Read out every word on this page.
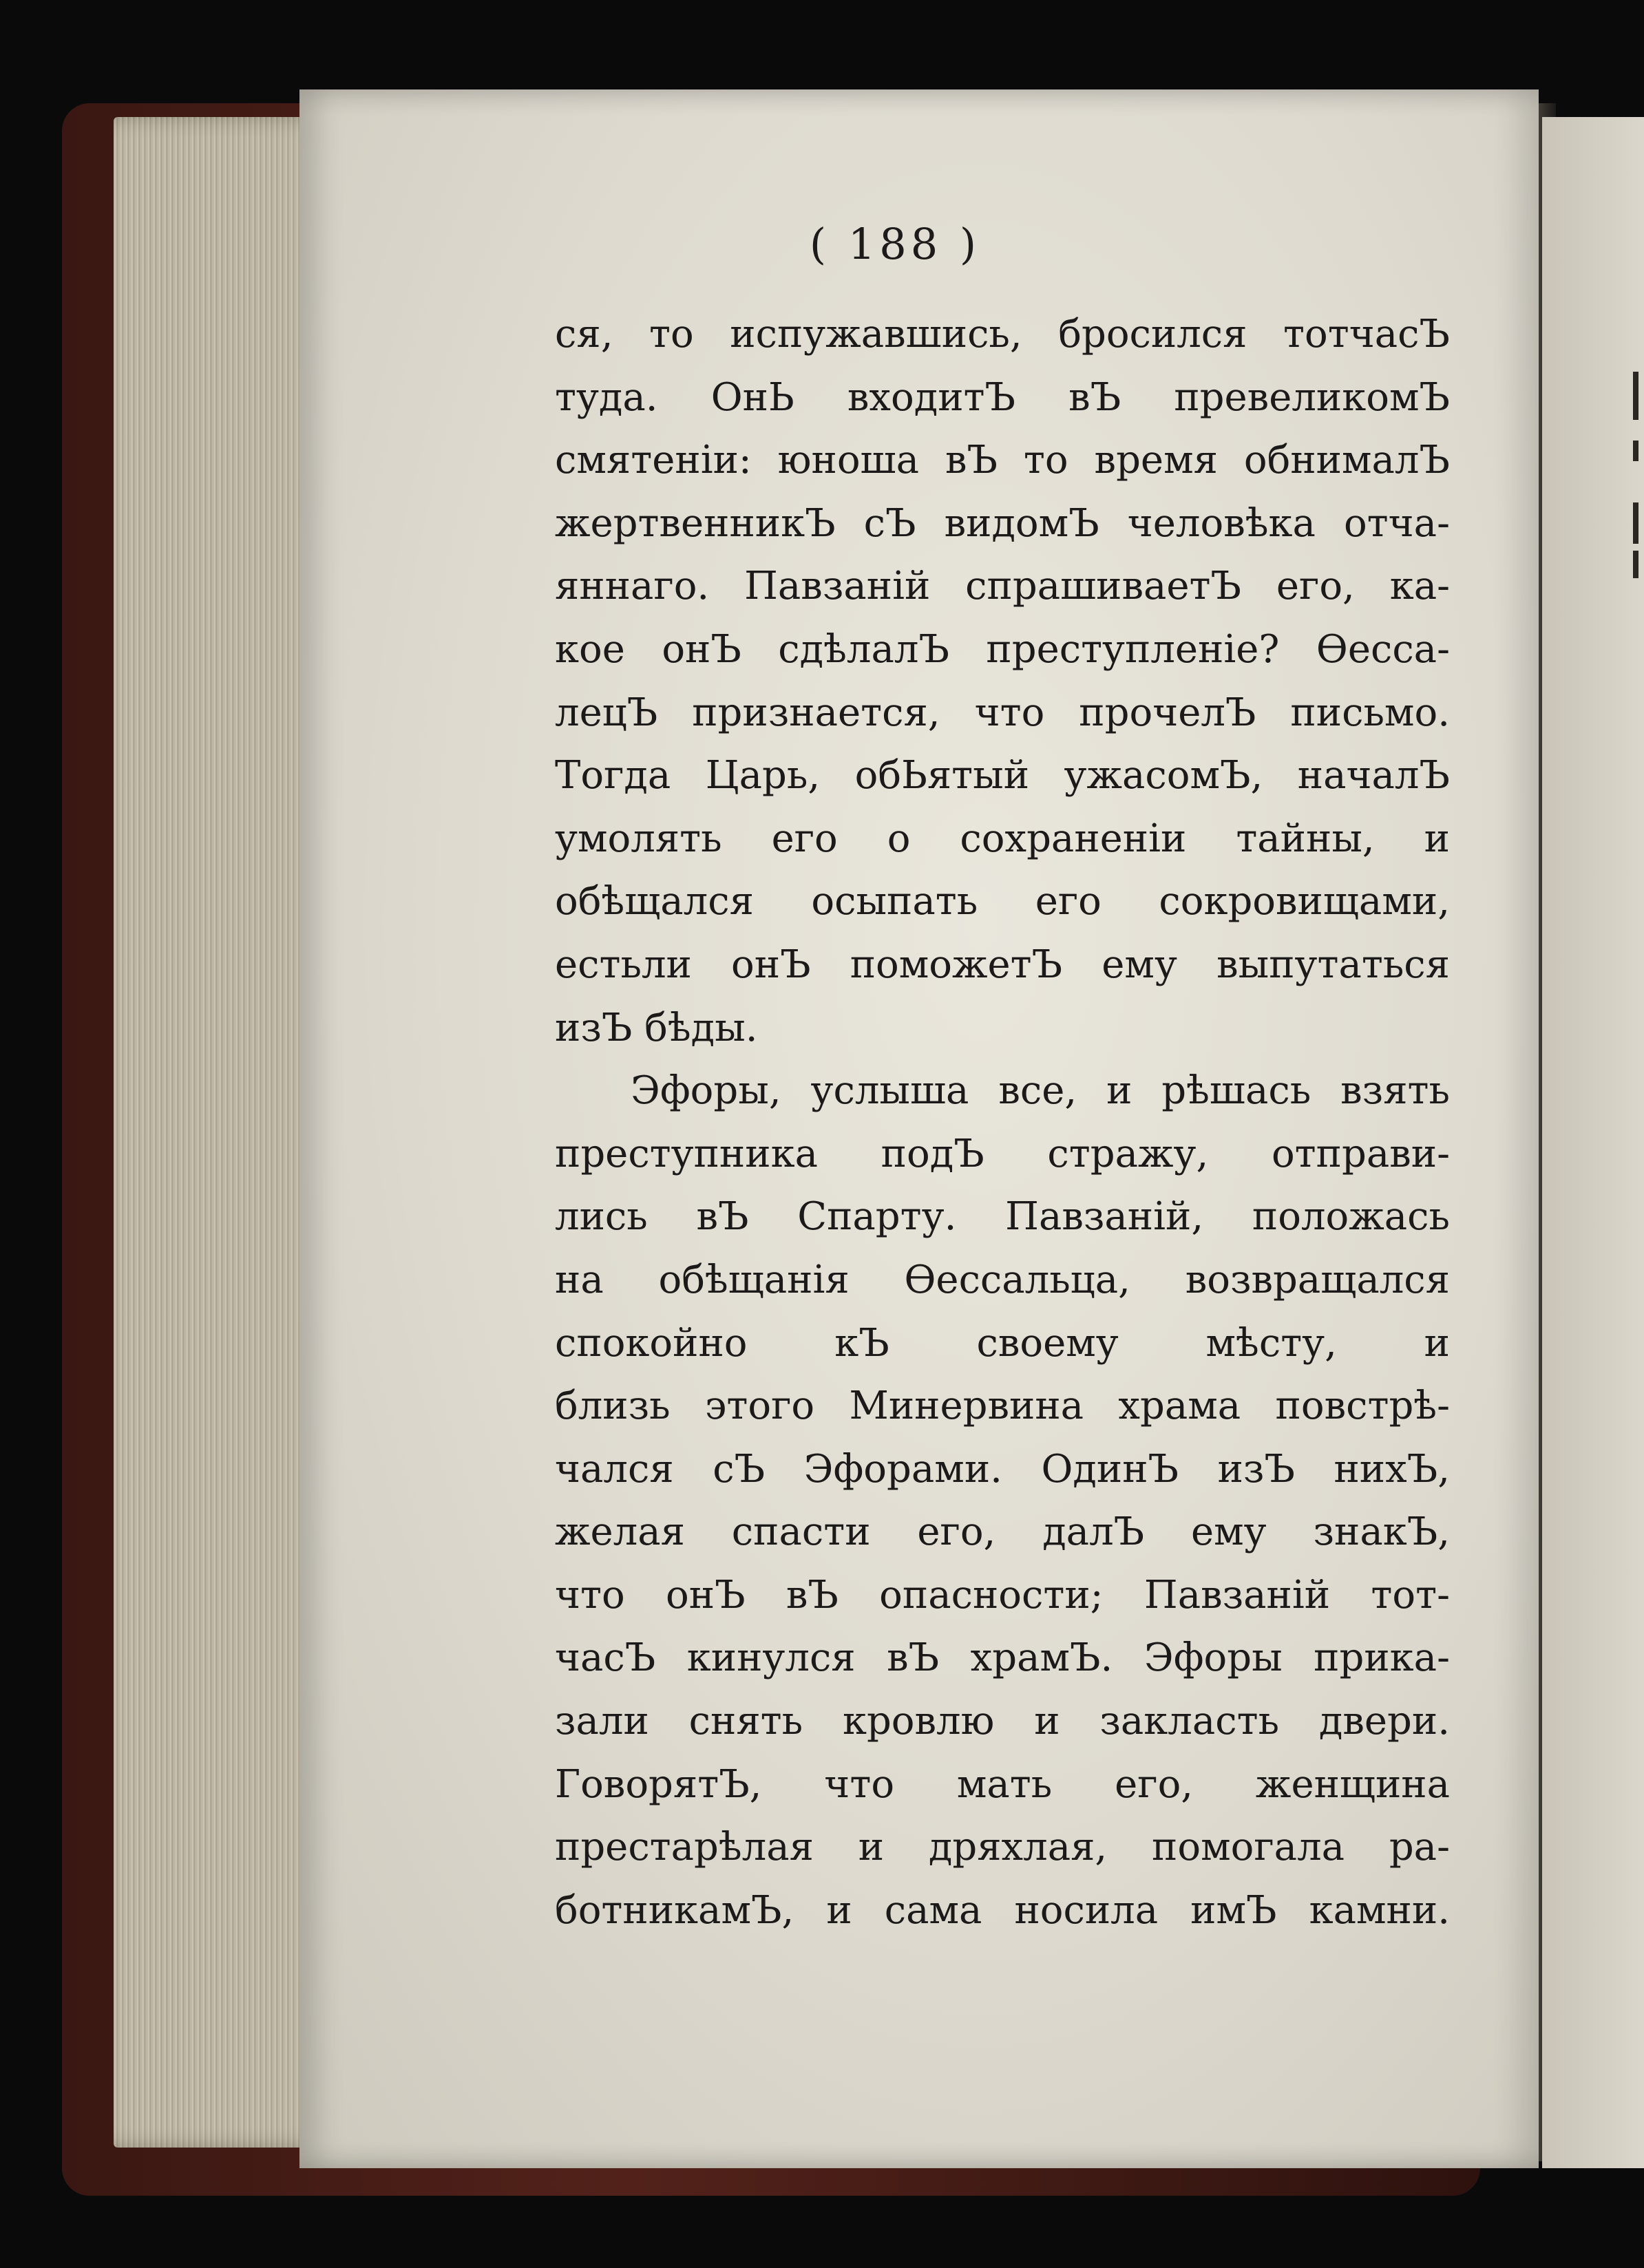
( 188 )

ся, то испужавшись, бросился тотчасЪ
туда. ОнЬ входитЪ вЪ превеликомЪ
смятеніи: юноша вЪ то время обнималЪ
жертвенникЪ сЪ видомЪ человѣка отча-
яннаго. Павзаній спрашиваетЪ его, ка-
кое онЪ сдѣлалЪ преступленіе? Өесса-
лецЪ признается, что прочелЪ письмо.
Тогда Царь, обЬятый ужасомЪ, началЪ
умолять его о сохраненіи тайны, и
обѣщался осыпать его сокровищами,
естьли онЪ поможетЪ ему выпутаться
изЪ бѣды.
Эфоры, услыша все, и рѣшась взять
преступника подЪ стражу, отправи-
лись вЪ Спарту. Павзаній, положась
на обѣщанія Өессальца, возвращался
спокойно кЪ своему мѣсту, и
близь этого Минервина храма повстрѣ-
чался сЪ Эфорами. ОдинЪ изЪ нихЪ,
желая спасти его, далЪ ему знакЪ,
что онЪ вЪ опасности; Павзаній тот-
часЪ кинулся вЪ храмЪ. Эфоры прика-
зали снять кровлю и закласть двери.
ГоворятЪ, что мать его, женщина
престарѣлая и дряхлая, помогала ра-
ботникамЪ, и сама носила имЪ камни.
